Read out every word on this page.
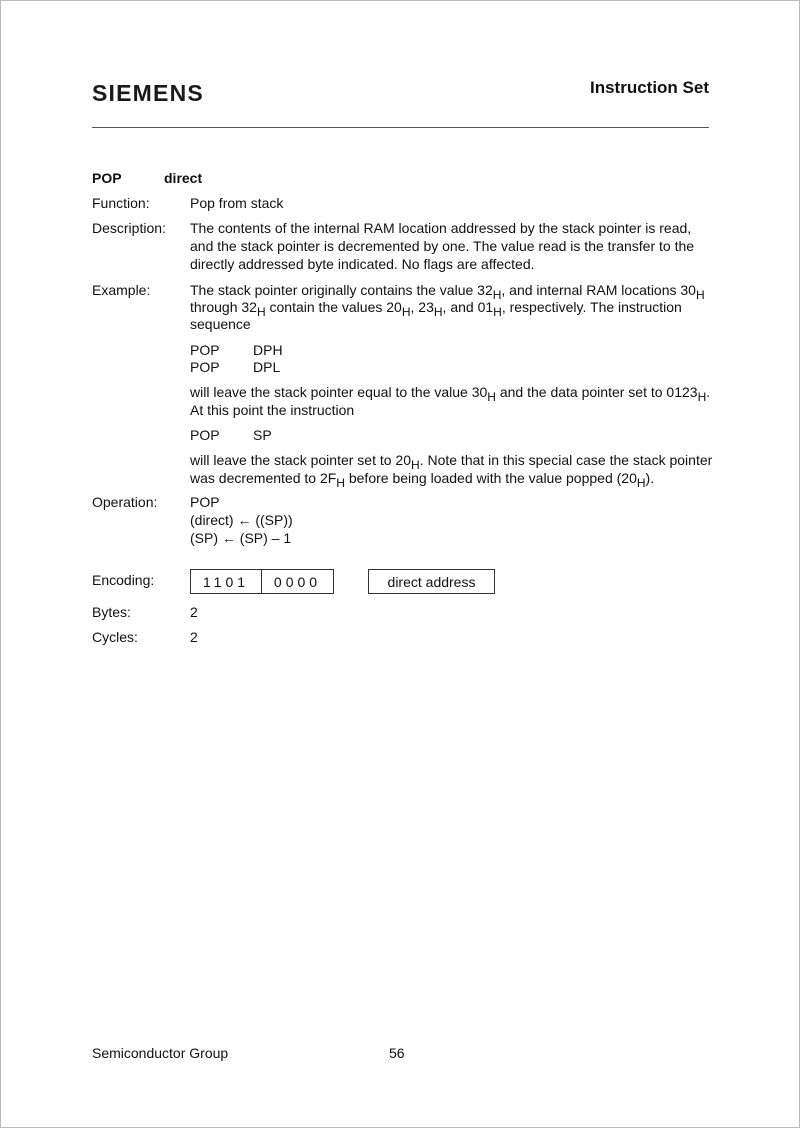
SIEMENS	Instruction Set
POP	direct
Function:	Pop from stack
Description: The contents of the internal RAM location addressed by the stack pointer is read,
and the stack pointer is decremented by one. The value read is the transfer to the
directly addressed byte indicated. No flags are affected.
Example:	The stack pointer originally contains the value $32_H$, and internal RAM locations $30_H$
through $32_H$ contain the values $20_H$, $23_H$, and $01_H$, respectively. The instruction
sequence
POP DPH
POP DPL
will leave the stack pointer equal to the value $30_H$ and the data pointer set to $0123_H$.
At this point the instruction
POP SP
will leave the stack pointer set to $20_H$. Note that in this special case the stack pointer
was decremented to $2F_H$ before being loaded with the value popped $(20_H)$.
Operation: POP
(direct) ← ((SP))
(SP) ← (SP) – 1
Encoding:	1101	0000	direct address
Bytes:	2
Cycles:	2
Semiconductor Group	56
